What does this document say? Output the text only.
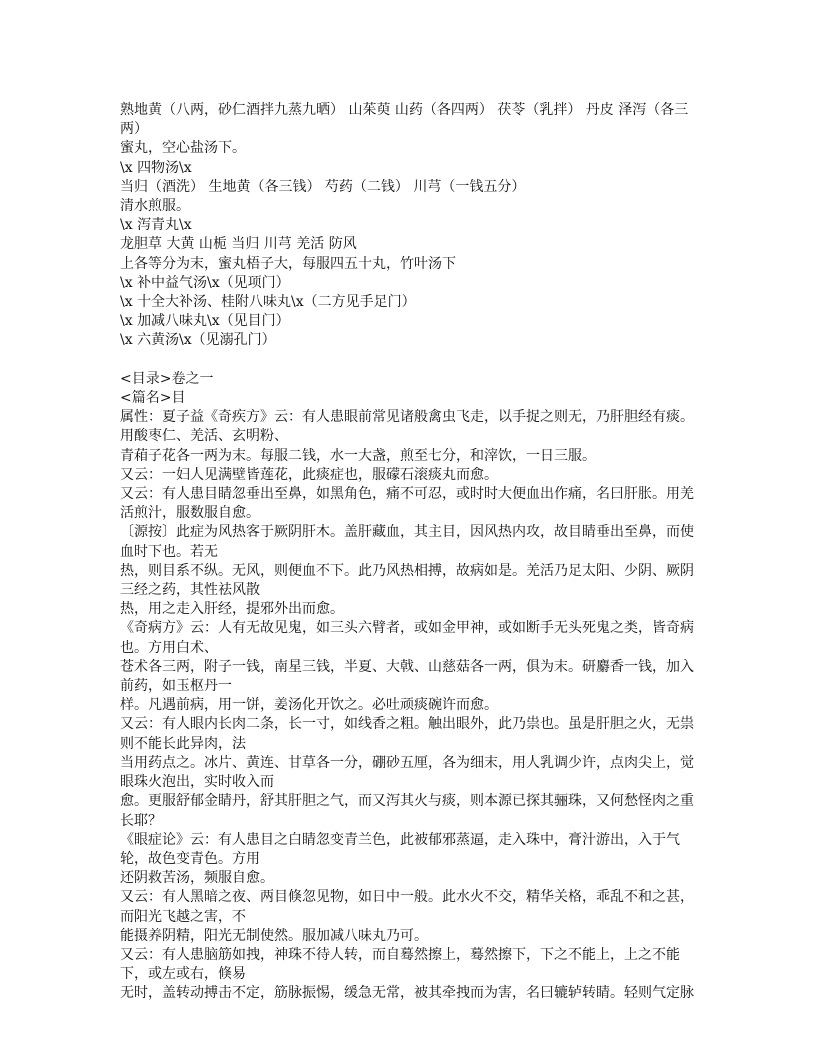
熟地黄（八两，砂仁酒拌九蒸九晒） 山茱萸 山药（各四两） 茯苓（乳拌） 丹皮 泽泻（各三两）
蜜丸，空心盐汤下。
\x 四物汤\x
当归（酒洗） 生地黄（各三钱） 芍药（二钱） 川芎（一钱五分）
清水煎服。
\x 泻青丸\x
龙胆草 大黄 山栀 当归 川芎 羌活 防风
上各等分为末，蜜丸梧子大，每服四五十丸，竹叶汤下
\x 补中益气汤\x（见项门）
\x 十全大补汤、桂附八味丸\x（二方见手足门）
\x 加减八味丸\x（见目门）
\x 六黄汤\x（见溺孔门）
<目录>卷之一
<篇名>目
属性：夏子益《奇疾方》云：有人患眼前常见诸般禽虫飞走，以手捉之则无，乃肝胆经有痰。用酸枣仁、羌活、玄明粉、
青葙子花各一两为末。每服二钱，水一大盏，煎至七分，和滓饮，一日三服。
又云：一妇人见满壁皆莲花，此痰症也，服礞石滚痰丸而愈。
又云：有人患目睛忽垂出至鼻，如黑角色，痛不可忍，或时时大便血出作痛，名曰肝胀。用羌活煎汁，服数服自愈。
〔源按〕此症为风热客于厥阴肝木。盖肝藏血，其主目，因风热内攻，故目睛垂出至鼻，而使血时下也。若无
热，则目系不纵。无风，则便血不下。此乃风热相搏，故病如是。羌活乃足太阳、少阴、厥阴三经之药，其性祛风散
热，用之走入肝经，提邪外出而愈。
《奇病方》云：人有无故见鬼，如三头六臂者，或如金甲神，或如断手无头死鬼之类，皆奇病也。方用白术、
苍术各三两，附子一钱，南星三钱，半夏、大戟、山慈菇各一两，俱为末。研麝香一钱，加入前药，如玉枢丹一
样。凡遇前病，用一饼，姜汤化开饮之。必吐顽痰碗许而愈。
又云：有人眼内长肉二条，长一寸，如线香之粗。触出眼外，此乃祟也。虽是肝胆之火，无祟则不能长此异肉，法
当用药点之。冰片、黄连、甘草各一分，硼砂五厘，各为细末，用人乳调少许，点肉尖上，觉眼珠火泡出，实时收入而
愈。更服舒郁金睛丹，舒其肝胆之气，而又泻其火与痰，则本源已探其骊珠，又何愁怪肉之重长耶？
《眼症论》云：有人患目之白睛忽变青兰色，此被郁邪蒸逼，走入珠中，膏汁游出，入于气轮，故色变青色。方用
还阴救苦汤，频服自愈。
又云：有人黑暗之夜、两目倏忽见物，如日中一般。此水火不交，精华关格，乖乱不和之甚，而阳光飞越之害，不
能摄养阴精，阳光无制使然。服加减八味丸乃可。
又云：有人患脑筋如拽，神珠不待人转，而自蓦然擦上，蓦然擦下，下之不能上，上之不能下，或左或右，倏易
无时，盖转动搏击不定，筋脉振惕，缓急无常，被其牵拽而为害，名曰辘轳转睛。轻则气定脉
